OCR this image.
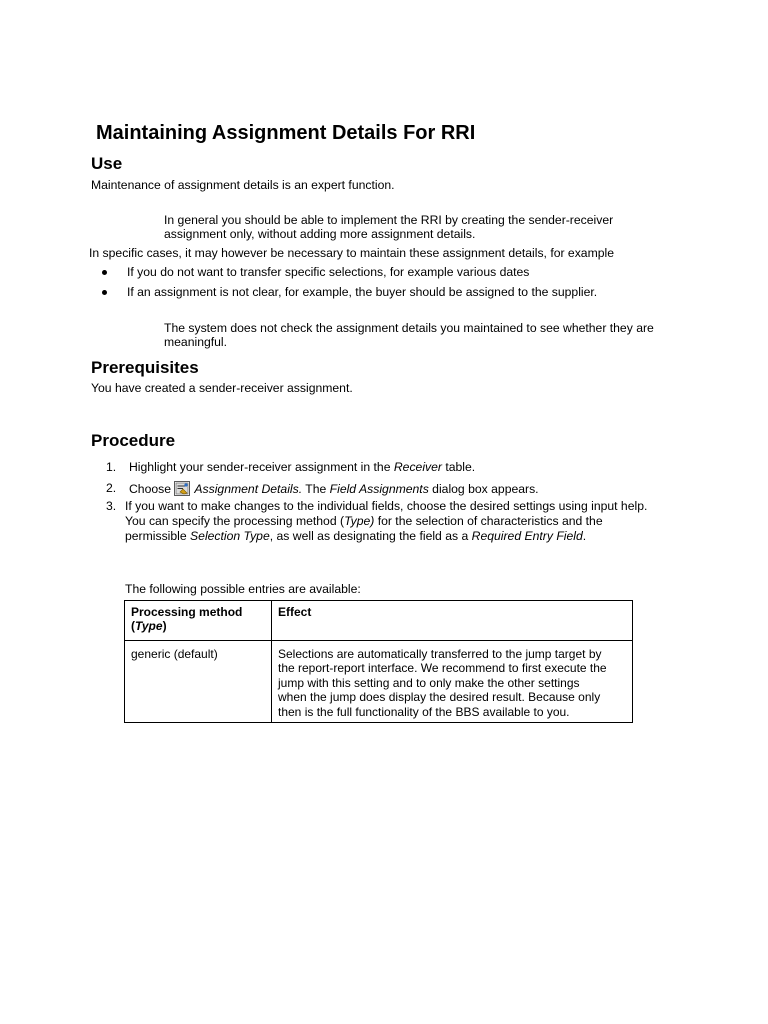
Maintaining Assignment Details For RRI
Use
Maintenance of assignment details is an expert function.
In general you should be able to implement the RRI by creating the sender-receiver
assignment only, without adding more assignment details.
In specific cases, it may however be necessary to maintain these assignment details, for example
If you do not want to transfer specific selections, for example various dates
If an assignment is not clear, for example, the buyer should be assigned to the supplier.
The system does not check the assignment details you maintained to see whether they are
meaningful.
Prerequisites
You have created a sender-receiver assignment.
Procedure
1. Highlight your sender-receiver assignment in the Receiver table.
2. Choose Assignment Details. The Field Assignments dialog box appears.
3. If you want to make changes to the individual fields, choose the desired settings using input help.
You can specify the processing method (Type) for the selection of characteristics and the
permissible Selection Type, as well as designating the field as a Required Entry Field.
The following possible entries are available:
Processing method
(Type)	Effect
generic (default)	Selections are automatically transferred to the jump target by
the report-report interface. We recommend to first execute the
jump with this setting and to only make the other settings
when the jump does display the desired result. Because only
then is the full functionality of the BBS available to you.
